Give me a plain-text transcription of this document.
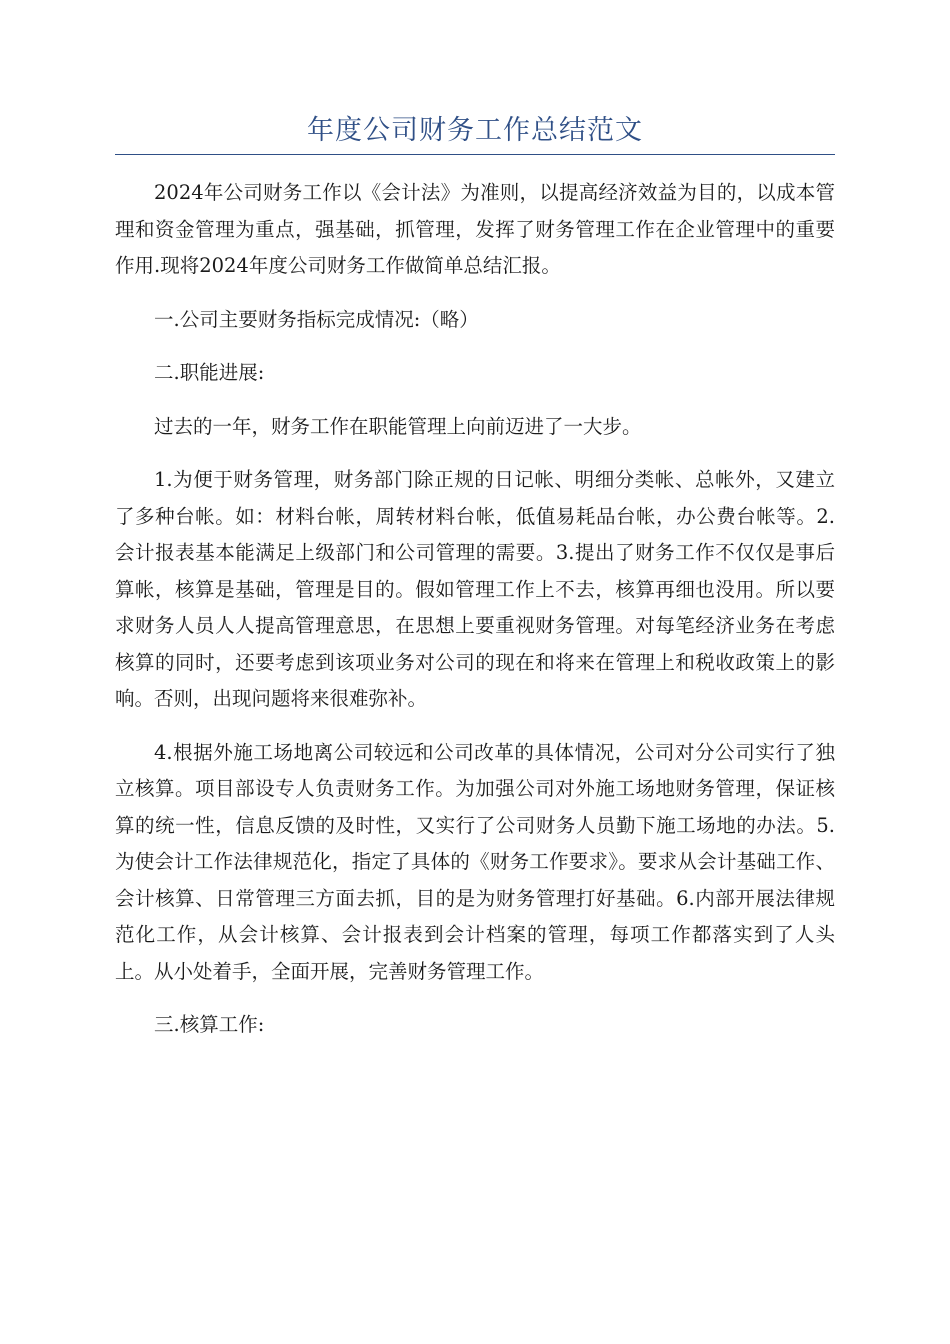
年度公司财务工作总结范文

2024年公司财务工作以《会计法》为准则，以提高经济效益为目的，以成本管理和资金管理为重点，强基础，抓管理，发挥了财务管理工作在企业管理中的重要作用.现将2024年度公司财务工作做简单总结汇报。

一.公司主要财务指标完成情况:（略）

二.职能进展:

过去的一年，财务工作在职能管理上向前迈进了一大步。

1.为便于财务管理，财务部门除正规的日记帐、明细分类帐、总帐外，又建立了多种台帐。如：材料台帐，周转材料台帐，低值易耗品台帐，办公费台帐等。2.会计报表基本能满足上级部门和公司管理的需要。3.提出了财务工作不仅仅是事后算帐，核算是基础，管理是目的。假如管理工作上不去，核算再细也没用。所以要求财务人员人人提高管理意思，在思想上要重视财务管理。对每笔经济业务在考虑核算的同时，还要考虑到该项业务对公司的现在和将来在管理上和税收政策上的影响。否则，出现问题将来很难弥补。

4.根据外施工场地离公司较远和公司改革的具体情况，公司对分公司实行了独立核算。项目部设专人负责财务工作。为加强公司对外施工场地财务管理，保证核算的统一性，信息反馈的及时性，又实行了公司财务人员勤下施工场地的办法。5.为使会计工作法律规范化，指定了具体的《财务工作要求》。要求从会计基础工作、会计核算、日常管理三方面去抓，目的是为财务管理打好基础。6.内部开展法律规范化工作，从会计核算、会计报表到会计档案的管理，每项工作都落实到了人头上。从小处着手，全面开展，完善财务管理工作。

三.核算工作:
